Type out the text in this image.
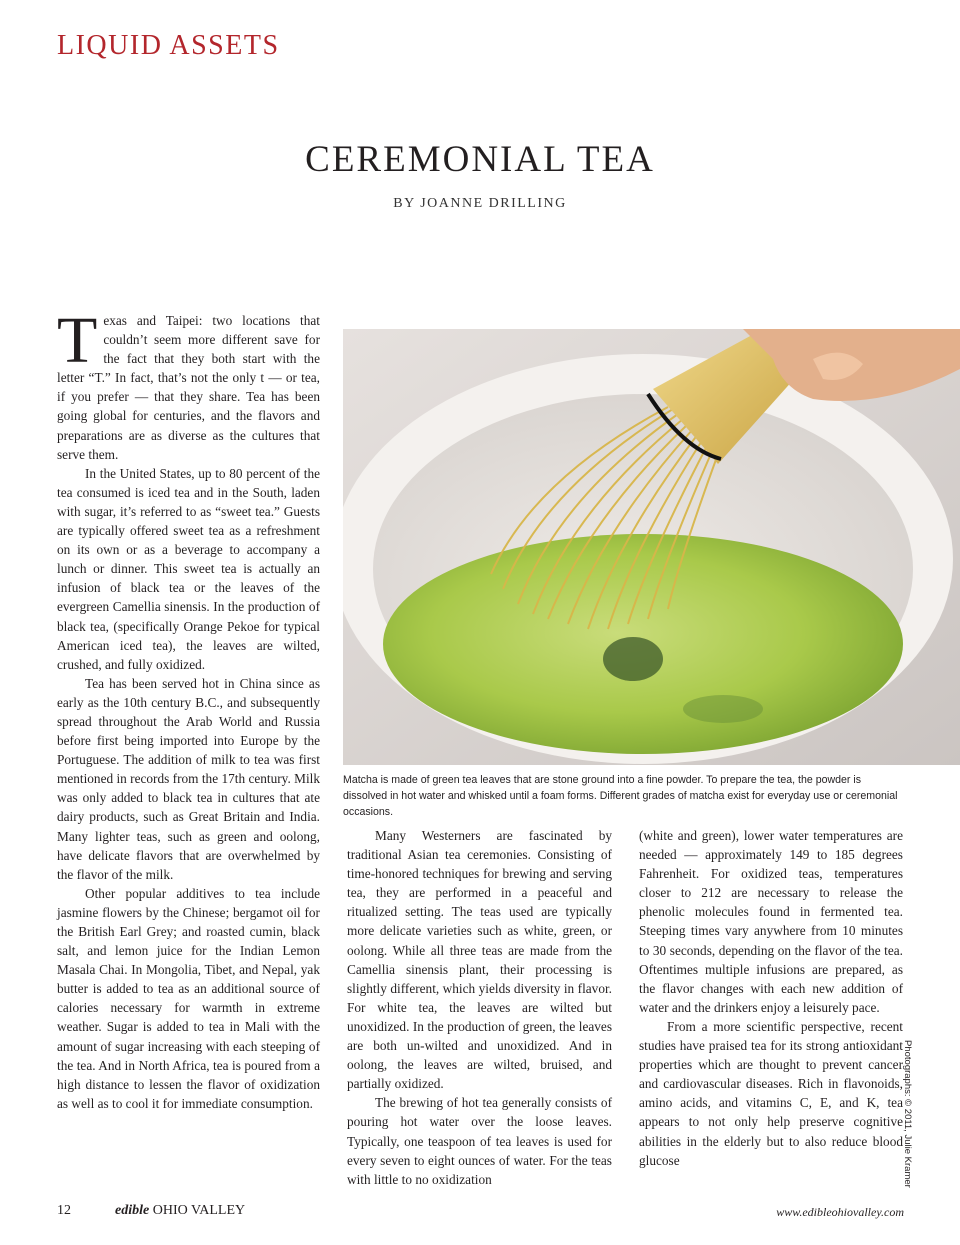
LIQUID ASSETS
CEREMONIAL TEA
BY JOANNE DRILLING

Texas and Taipei: two locations that couldn’t seem more different save for the fact that they both start with the letter “T.” In fact, that’s not the only t — or tea, if you prefer — that they share. Tea has been going global for centuries, and the flavors and preparations are as diverse as the cultures that serve them.

In the United States, up to 80 percent of the tea consumed is iced tea and in the South, laden with sugar, it’s referred to as “sweet tea.” Guests are typically offered sweet tea as a refreshment on its own or as a beverage to accompany a lunch or dinner. This sweet tea is actually an infusion of black tea or the leaves of the evergreen Camellia sinensis. In the production of black tea, (specifically Orange Pekoe for typical American iced tea), the leaves are wilted, crushed, and fully oxidized.

Tea has been served hot in China since as early as the 10th century B.C., and subsequently spread throughout the Arab World and Russia before first being imported into Europe by the Portuguese. The addition of milk to tea was first mentioned in records from the 17th century. Milk was only added to black tea in cultures that ate dairy products, such as Great Britain and India. Many lighter teas, such as green and oolong, have delicate flavors that are overwhelmed by the flavor of the milk.

Other popular additives to tea include jasmine flowers by the Chinese; bergamot oil for the British Earl Grey; and roasted cumin, black salt, and lemon juice for the Indian Lemon Masala Chai. In Mongolia, Tibet, and Nepal, yak butter is added to tea as an additional source of calories necessary for warmth in extreme weather. Sugar is added to tea in Mali with the amount of sugar increasing with each steeping of the tea. And in North Africa, tea is poured from a high distance to lessen the flavor of oxidization as well as to cool it for immediate consumption.

Matcha is made of green tea leaves that are stone ground into a fine powder. To prepare the tea, the powder is dissolved in hot water and whisked until a foam forms. Different grades of matcha exist for everyday use or ceremonial occasions.

Many Westerners are fascinated by traditional Asian tea ceremonies. Consisting of time-honored techniques for brewing and serving tea, they are performed in a peaceful and ritualized setting. The teas used are typically more delicate varieties such as white, green, or oolong. While all three teas are made from the Camellia sinensis plant, their processing is slightly different, which yields diversity in flavor. For white tea, the leaves are wilted but unoxidized. In the production of green, the leaves are both un-wilted and unoxidized. And in oolong, the leaves are wilted, bruised, and partially oxidized.

The brewing of hot tea generally consists of pouring hot water over the loose leaves. Typically, one teaspoon of tea leaves is used for every seven to eight ounces of water. For the teas with little to no oxidization

(white and green), lower water temperatures are needed — approximately 149 to 185 degrees Fahrenheit. For oxidized teas, temperatures closer to 212 are necessary to release the phenolic molecules found in fermented tea. Steeping times vary anywhere from 10 minutes to 30 seconds, depending on the flavor of the tea. Oftentimes multiple infusions are prepared, as the flavor changes with each new addition of water and the drinkers enjoy a leisurely pace.

From a more scientific perspective, recent studies have praised tea for its strong antioxidant properties which are thought to prevent cancer and cardiovascular diseases. Rich in flavonoids, amino acids, and vitamins C, E, and K, tea appears to not only help preserve cognitive abilities in the elderly but to also reduce blood glucose	Photographs: © 2011, Julie Kramer
12	edible OHIO VALLEY	www.edibleohiovalley.com
